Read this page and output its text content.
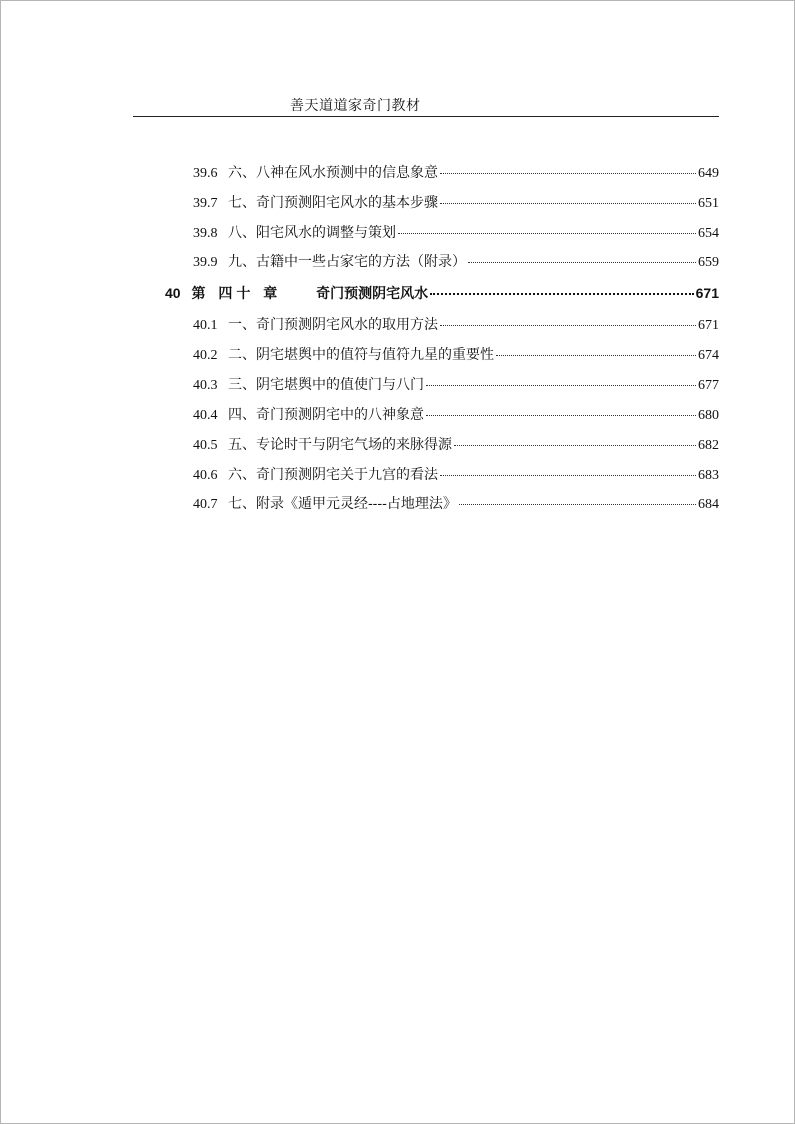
善天道道家奇门教材
39.6 六、八神在风水预测中的信息象意	649
39.7 七、奇门预测阳宅风水的基本步骤	651
39.8 八、阳宅风水的调整与策划	654
39.9 九、古籍中一些占家宅的方法（附录）	659
40 第 四十 章 奇门预测阴宅风水	671
40.1 一、奇门预测阴宅风水的取用方法	671
40.2 二、阴宅堪舆中的值符与值符九星的重要性	674
40.3 三、阴宅堪舆中的值使门与八门	677
40.4 四、奇门预测阴宅中的八神象意	680
40.5 五、专论时干与阴宅气场的来脉得源	682
40.6 六、奇门预测阴宅关于九宫的看法	683
40.7 七、附录《遁甲元灵经----占地理法》	684
